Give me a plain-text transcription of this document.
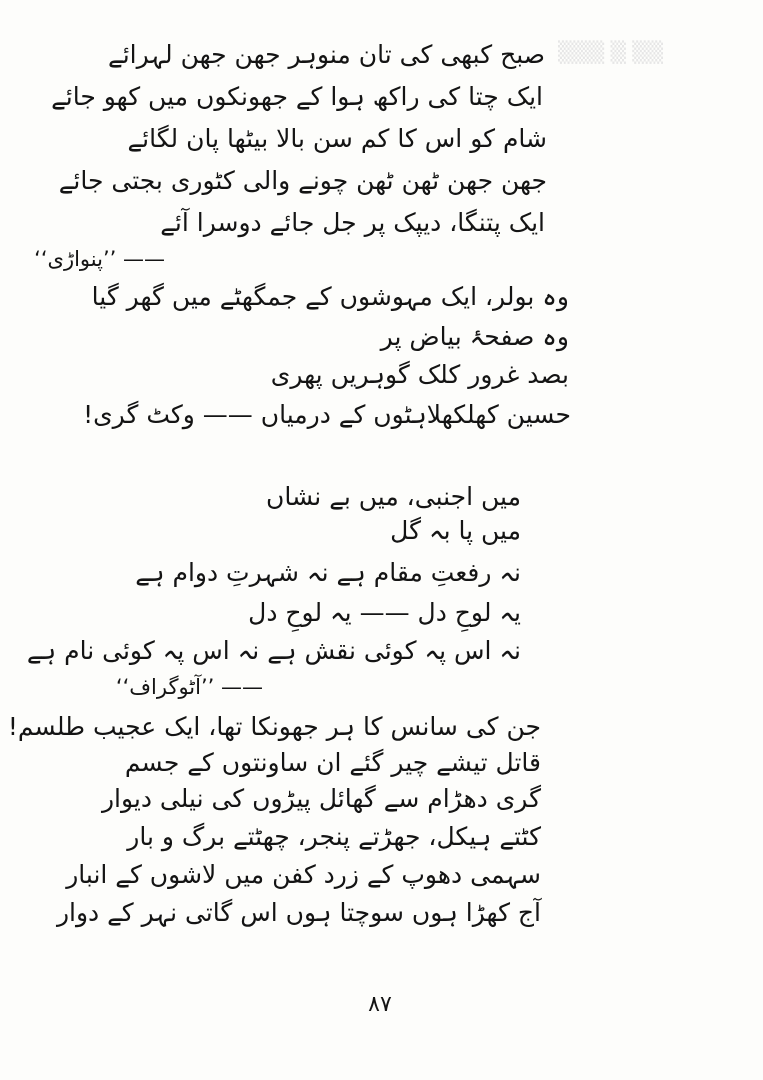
▒▒ ▒ ▒▒▒
صبح کبھی کی تان منوہر جھن جھن لہرائے
ایک چتا کی راکھ ہوا کے جھونکوں میں کھو جائے
شام کو اس کا کم سن بالا بیٹھا پان لگائے
جھن جھن ٹھن ٹھن چونے والی کٹوری بجتی جائے
ایک پتنگا، دیپک پر جل جائے دوسرا آئے
—— ’’پنواڑی‘‘
وہ بولر، ایک مہوشوں کے جمگھٹے میں گھر گیا
وہ صفحۂ بیاض پر
بصد غرور کلک گوہریں پھری
حسین کھلکھلاہٹوں کے درمیاں —— وکٹ گری!
میں اجنبی، میں بے نشاں
میں پا بہ گل
نہ رفعتِ مقام ہے نہ شہرتِ دوام ہے
یہ لوحِ دل —— یہ لوحِ دل
نہ اس پہ کوئی نقش ہے نہ اس پہ کوئی نام ہے
—— ’’آٹوگراف‘‘
جن کی سانس کا ہر جھونکا تھا، ایک عجیب طلسم!
قاتل تیشے چیر گئے ان ساونتوں کے جسم
گری دھڑام سے گھائل پیڑوں کی نیلی دیوار
کٹتے ہیکل، جھڑتے پنجر، چھٹتے برگ و بار
سہمی دھوپ کے زرد کفن میں لاشوں کے انبار
آج کھڑا ہوں سوچتا ہوں اس گاتی نہر کے دوار
۸۷
